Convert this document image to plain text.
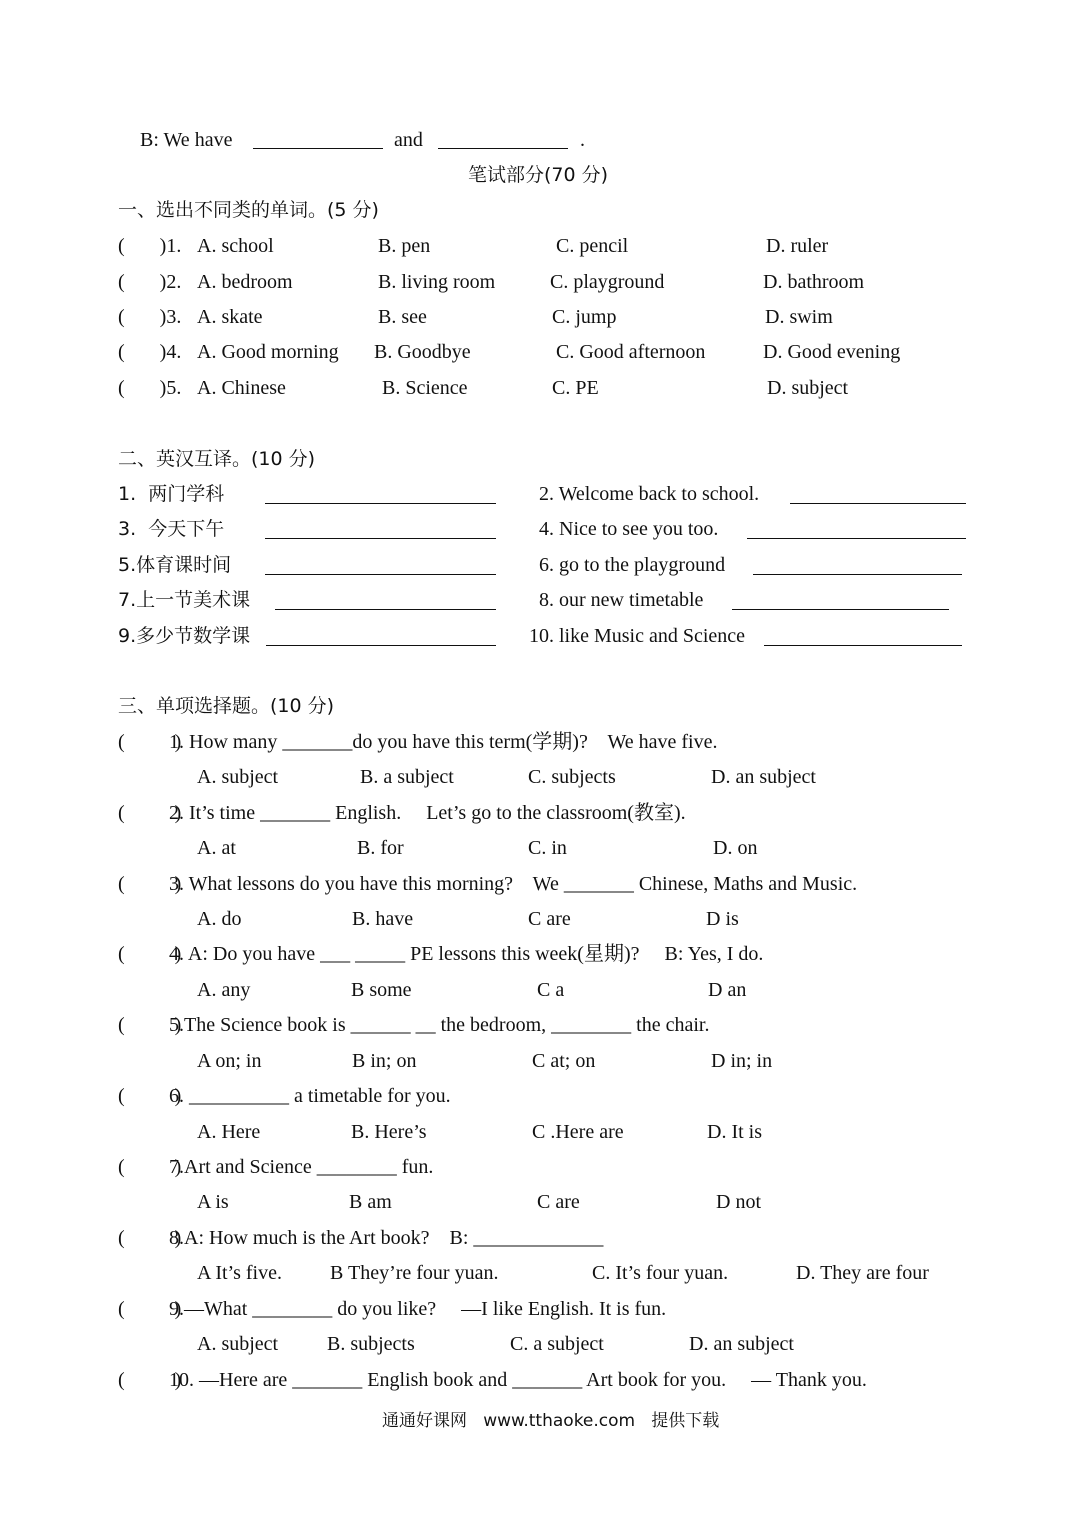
B: We have	and	.
笔试部分(70 分)
一、选出不同类的单词。(5 分)
(       )1. A. school	B. pen	C. pencil	D. ruler
(       )2. A. bedroom	B. living room	C. playground	D. bathroom
(       )3. A. skate	B. see	C. jump	D. swim
(       )4. A. Good morning B. Goodbye	C. Good afternoon	D. Good evening
(       )5. A. Chinese	B. Science	C. PE	D. subject
二、英汉互译。(10 分)
1.  两门学科	2. Welcome back to school.
3.  今天下午	4. Nice to see you too.
5.体育课时间	6. go to the playground
7.上一节美术课	8. our new timetable
9.多少节数学课	10. like Music and Science
三、单项选择题。(10 分)
(          )
1. How many _______do you have this term(学期)?    We have five.
A. subject	B. a subject	C. subjects	D. an subject
(          )
2. It’s time _______ English.     Let’s go to the classroom(教室).
A. at	B. for	C. in	D. on
(          )
3. What lessons do you have this morning?    We _______ Chinese, Maths and Music.
A. do	B. have	C are	D is
(          )
4. A: Do you have ___ _____ PE lessons this week(星期)?     B: Yes, I do.
A. any	B some	C a	D an
(          )
5.The Science book is ______ __ the bedroom, ________ the chair.
A on; in	B in; on	C at; on	D in; in
(          )
6. __________ a timetable for you.
A. Here	B. Here’s	C .Here are	D. It is
(          )
7.Art and Science ________ fun.
A is	B am	C are	D not
(          )
8.A: How much is the Art book?    B: _____________
A It’s five. B They’re four yuan.	C. It’s four yuan.	D. They are four
(          )
9.—What ________ do you like?     —I like English. It is fun.
A. subject B. subjects	C. a subject	D. an subject
(          )
10. —Here are _______ English book and _______ Art book for you.     — Thank you.
通通好课网   www.tthaoke.com   提供下载
